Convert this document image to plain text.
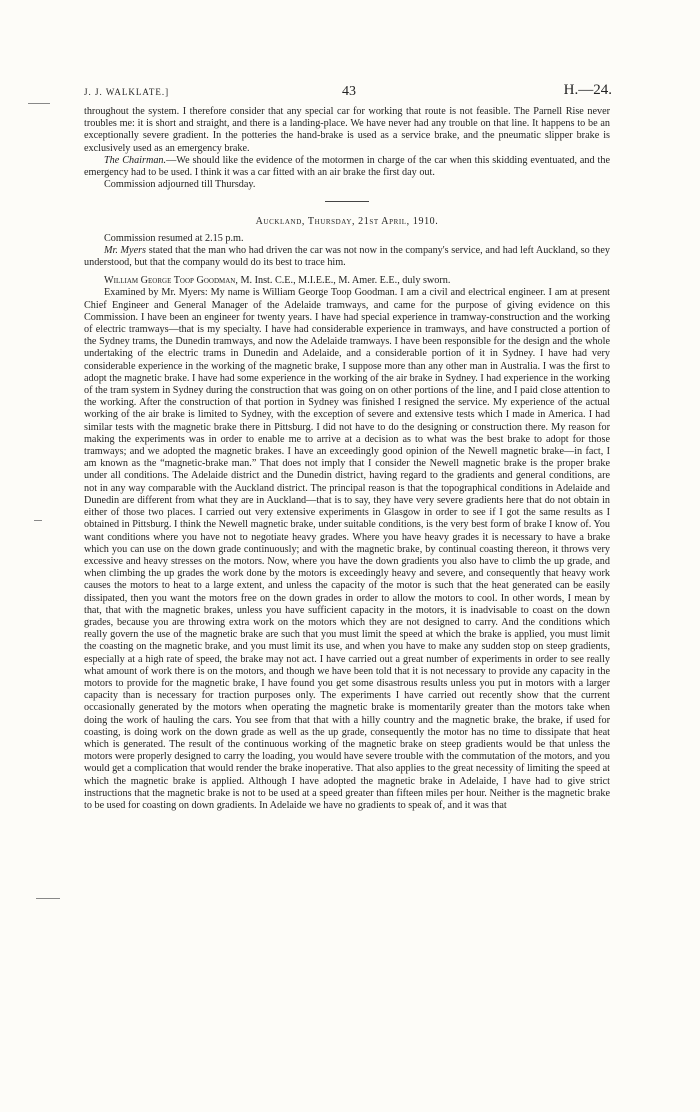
J. J. WALKLATE.]	43	H.—24.

throughout the system. I therefore consider that any special car for working that route is not feasible. The Parnell Rise never troubles me: it is short and straight, and there is a landing-place. We have never had any trouble on that line. It happens to be an exceptionally severe gradient. In the potteries the hand-brake is used as a service brake, and the pneumatic slipper brake is exclusively used as an emergency brake.

The Chairman.—We should like the evidence of the motormen in charge of the car when this skidding eventuated, and the emergency had to be used. I think it was a car fitted with an air brake the first day out.

Commission adjourned till Thursday.

Auckland, Thursday, 21st April, 1910.

Commission resumed at 2.15 p.m.

Mr. Myers stated that the man who had driven the car was not now in the company's service, and had left Auckland, so they understood, but that the company would do its best to trace him.

William George Toop Goodman, M. Inst. C.E., M.I.E.E., M. Amer. E.E., duly sworn.

Examined by Mr. Myers: My name is William George Toop Goodman. I am a civil and electrical engineer. I am at present Chief Engineer and General Manager of the Adelaide tramways, and came for the purpose of giving evidence on this Commission. I have been an engineer for twenty years. I have had special experience in tramway-construction and the working of electric tramways—that is my specialty. I have had considerable experience in tramways, and have constructed a portion of the Sydney trams, the Dunedin tramways, and now the Adelaide tramways. I have been responsible for the design and the whole undertaking of the electric trams in Dunedin and Adelaide, and a considerable portion of it in Sydney. I have had very considerable experience in the working of the magnetic brake, I suppose more than any other man in Australia. I was the first to adopt the magnetic brake. I have had some experience in the working of the air brake in Sydney. I had experience in the working of the tram system in Sydney during the construction that was going on on other portions of the line, and I paid close attention to the working. After the construction of that portion in Sydney was finished I resigned the service. My experience of the actual working of the air brake is limited to Sydney, with the exception of severe and extensive tests which I made in America. I had similar tests with the magnetic brake there in Pittsburg. I did not have to do the designing or construction there. My reason for making the experiments was in order to enable me to arrive at a decision as to what was the best brake to adopt for those tramways; and we adopted the magnetic brakes. I have an exceedingly good opinion of the Newell magnetic brake—in fact, I am known as the “magnetic-brake man.” That does not imply that I consider the Newell magnetic brake is the proper brake under all conditions. The Adelaide district and the Dunedin district, having regard to the gradients and general conditions, are not in any way comparable with the Auckland district. The principal reason is that the topographical conditions in Adelaide and Dunedin are different from what they are in Auckland—that is to say, they have very severe gradients here that do not obtain in either of those two places. I carried out very extensive experiments in Glasgow in order to see if I got the same results as I obtained in Pittsburg. I think the Newell magnetic brake, under suitable conditions, is the very best form of brake I know of. You want conditions where you have not to negotiate heavy grades. Where you have heavy grades it is necessary to have a brake which you can use on the down grade continuously; and with the magnetic brake, by continual coasting thereon, it throws very excessive and heavy stresses on the motors. Now, where you have the down gradients you also have to climb the up grade, and when climbing the up grades the work done by the motors is exceedingly heavy and severe, and consequently that heavy work causes the motors to heat to a large extent, and unless the capacity of the motor is such that the heat generated can be easily dissipated, then you want the motors free on the down grades in order to allow the motors to cool. In other words, I mean by that, that with the magnetic brakes, unless you have sufficient capacity in the motors, it is inadvisable to coast on the down grades, because you are throwing extra work on the motors which they are not designed to carry. And the conditions which really govern the use of the magnetic brake are such that you must limit the speed at which the brake is applied, you must limit the coasting on the magnetic brake, and you must limit its use, and when you have to make any sudden stop on steep gradients, especially at a high rate of speed, the brake may not act. I have carried out a great number of experiments in order to see really what amount of work there is on the motors, and though we have been told that it is not necessary to provide any capacity in the motors to provide for the magnetic brake, I have found you get some disastrous results unless you put in motors with a larger capacity than is necessary for traction purposes only. The experiments I have carried out recently show that the current occasionally generated by the motors when operating the magnetic brake is momentarily greater than the motors take when doing the work of hauling the cars. You see from that that with a hilly country and the magnetic brake, the brake, if used for coasting, is doing work on the down grade as well as the up grade, consequently the motor has no time to dissipate that heat which is generated. The result of the continuous working of the magnetic brake on steep gradients would be that unless the motors were properly designed to carry the loading, you would have severe trouble with the commutation of the motors, and you would get a complication that would render the brake inoperative. That also applies to the great necessity of limiting the speed at which the magnetic brake is applied. Although I have adopted the magnetic brake in Adelaide, I have had to give strict instructions that the magnetic brake is not to be used at a speed greater than fifteen miles per hour. Neither is the magnetic brake to be used for coasting on down gradients. In Adelaide we have no gradients to speak of, and it was that
